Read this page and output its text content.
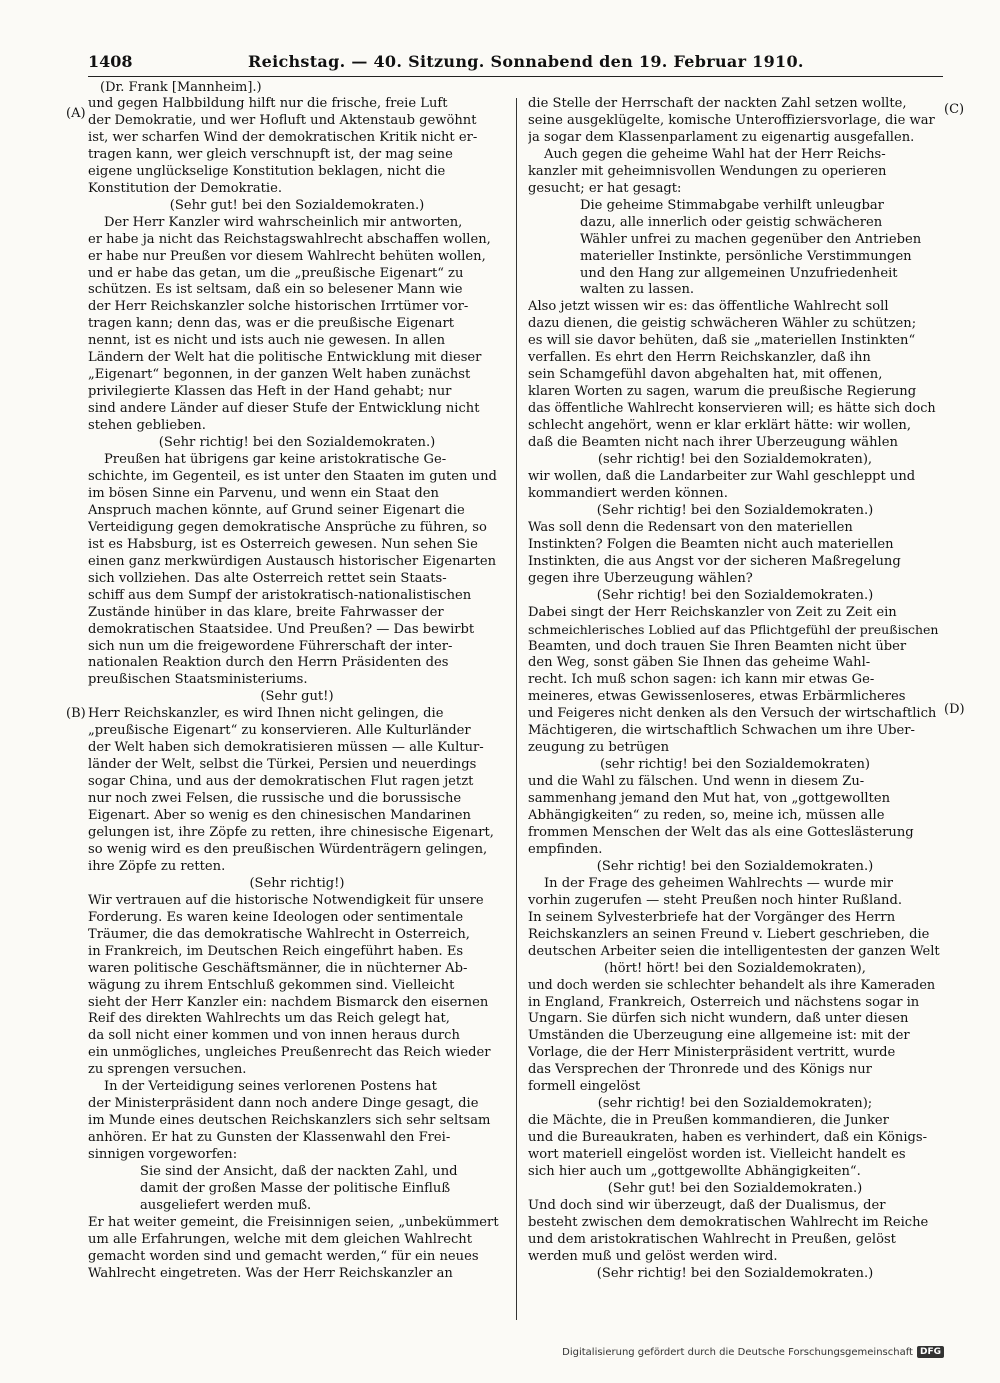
1408	Reichstag. — 40. Sitzung. Sonnabend den 19. Februar 1910.
(Dr. Frank [Mannheim].)
(A)
(B)
(C)
(D)
und gegen Halbbildung hilft nur die frische, freie Luft
der Demokratie, und wer Hofluft und Aktenstaub gewöhnt
ist, wer scharfen Wind der demokratischen Kritik nicht er-
tragen kann, wer gleich verschnupft ist, der mag seine
eigene unglückselige Konstitution beklagen, nicht die
Konstitution der Demokratie.
(Sehr gut! bei den Sozialdemokraten.)
Der Herr Kanzler wird wahrscheinlich mir antworten,
er habe ja nicht das Reichstagswahlrecht abschaffen wollen,
er habe nur Preußen vor diesem Wahlrecht behüten wollen,
und er habe das getan, um die „preußische Eigenart“ zu
schützen. Es ist seltsam, daß ein so belesener Mann wie
der Herr Reichskanzler solche historischen Irrtümer vor-
tragen kann; denn das, was er die preußische Eigenart
nennt, ist es nicht und ists auch nie gewesen. In allen
Ländern der Welt hat die politische Entwicklung mit dieser
„Eigenart“ begonnen, in der ganzen Welt haben zunächst
privilegierte Klassen das Heft in der Hand gehabt; nur
sind andere Länder auf dieser Stufe der Entwicklung nicht
stehen geblieben.
(Sehr richtig! bei den Sozialdemokraten.)
Preußen hat übrigens gar keine aristokratische Ge-
schichte, im Gegenteil, es ist unter den Staaten im guten und
im bösen Sinne ein Parvenu, und wenn ein Staat den
Anspruch machen könnte, auf Grund seiner Eigenart die
Verteidigung gegen demokratische Ansprüche zu führen, so
ist es Habsburg, ist es Österreich gewesen. Nun sehen Sie
einen ganz merkwürdigen Austausch historischer Eigenarten
sich vollziehen. Das alte Österreich rettet sein Staats-
schiff aus dem Sumpf der aristokratisch-nationalistischen
Zustände hinüber in das klare, breite Fahrwasser der
demokratischen Staatsidee. Und Preußen? — Das bewirbt
sich nun um die freigewordene Führerschaft der inter-
nationalen Reaktion durch den Herrn Präsidenten des
preußischen Staatsministeriums.
(Sehr gut!)
Herr Reichskanzler, es wird Ihnen nicht gelingen, die
„preußische Eigenart“ zu konservieren. Alle Kulturländer
der Welt haben sich demokratisieren müssen — alle Kultur-
länder der Welt, selbst die Türkei, Persien und neuerdings
sogar China, und aus der demokratischen Flut ragen jetzt
nur noch zwei Felsen, die russische und die borussische
Eigenart. Aber so wenig es den chinesischen Mandarinen
gelungen ist, ihre Zöpfe zu retten, ihre chinesische Eigenart,
so wenig wird es den preußischen Würdenträgern gelingen,
ihre Zöpfe zu retten.
(Sehr richtig!)
Wir vertrauen auf die historische Notwendigkeit für unsere
Forderung. Es waren keine Ideologen oder sentimentale
Träumer, die das demokratische Wahlrecht in Österreich,
in Frankreich, im Deutschen Reich eingeführt haben. Es
waren politische Geschäftsmänner, die in nüchterner Ab-
wägung zu ihrem Entschluß gekommen sind. Vielleicht
sieht der Herr Kanzler ein: nachdem Bismarck den eisernen
Reif des direkten Wahlrechts um das Reich gelegt hat,
da soll nicht einer kommen und von innen heraus durch
ein unmögliches, ungleiches Preußenrecht das Reich wieder
zu sprengen versuchen.
In der Verteidigung seines verlorenen Postens hat
der Ministerpräsident dann noch andere Dinge gesagt, die
im Munde eines deutschen Reichskanzlers sich sehr seltsam
anhören. Er hat zu Gunsten der Klassenwahl den Frei-
sinnigen vorgeworfen:
Sie sind der Ansicht, daß der nackten Zahl, und
damit der großen Masse der politische Einfluß
ausgeliefert werden muß.
Er hat weiter gemeint, die Freisinnigen seien, „unbekümmert
um alle Erfahrungen, welche mit dem gleichen Wahlrecht
gemacht worden sind und gemacht werden,“ für ein neues
Wahlrecht eingetreten. Was der Herr Reichskanzler an
die Stelle der Herrschaft der nackten Zahl setzen wollte,
seine ausgeklügelte, komische Unteroffiziersvorlage, die war
ja sogar dem Klassenparlament zu eigenartig ausgefallen.
Auch gegen die geheime Wahl hat der Herr Reichs-
kanzler mit geheimnisvollen Wendungen zu operieren
gesucht; er hat gesagt:
Die geheime Stimmabgabe verhilft unleugbar
dazu, alle innerlich oder geistig schwächeren
Wähler unfrei zu machen gegenüber den Antrieben
materieller Instinkte, persönliche Verstimmungen
und den Hang zur allgemeinen Unzufriedenheit
walten zu lassen.
Also jetzt wissen wir es: das öffentliche Wahlrecht soll
dazu dienen, die geistig schwächeren Wähler zu schützen;
es will sie davor behüten, daß sie „materiellen Instinkten“
verfallen. Es ehrt den Herrn Reichskanzler, daß ihn
sein Schamgefühl davon abgehalten hat, mit offenen,
klaren Worten zu sagen, warum die preußische Regierung
das öffentliche Wahlrecht konservieren will; es hätte sich doch
schlecht angehört, wenn er klar erklärt hätte: wir wollen,
daß die Beamten nicht nach ihrer Überzeugung wählen
(sehr richtig! bei den Sozialdemokraten),
wir wollen, daß die Landarbeiter zur Wahl geschleppt und
kommandiert werden können.
(Sehr richtig! bei den Sozialdemokraten.)
Was soll denn die Redensart von den materiellen
Instinkten? Folgen die Beamten nicht auch materiellen
Instinkten, die aus Angst vor der sicheren Maßregelung
gegen ihre Überzeugung wählen?
(Sehr richtig! bei den Sozialdemokraten.)
Dabei singt der Herr Reichskanzler von Zeit zu Zeit ein
schmeichlerisches Loblied auf das Pflichtgefühl der preußischen
Beamten, und doch trauen Sie Ihren Beamten nicht über
den Weg, sonst gäben Sie Ihnen das geheime Wahl-
recht. Ich muß schon sagen: ich kann mir etwas Ge-
meineres, etwas Gewissenloseres, etwas Erbärmlicheres
und Feigeres nicht denken als den Versuch der wirtschaftlich
Mächtigeren, die wirtschaftlich Schwachen um ihre Über-
zeugung zu betrügen
(sehr richtig! bei den Sozialdemokraten)
und die Wahl zu fälschen. Und wenn in diesem Zu-
sammenhang jemand den Mut hat, von „gottgewollten
Abhängigkeiten“ zu reden, so, meine ich, müssen alle
frommen Menschen der Welt das als eine Gotteslästerung
empfinden.
(Sehr richtig! bei den Sozialdemokraten.)
In der Frage des geheimen Wahlrechts — wurde mir
vorhin zugerufen — steht Preußen noch hinter Rußland.
In seinem Sylvesterbriefe hat der Vorgänger des Herrn
Reichskanzlers an seinen Freund v. Liebert geschrieben, die
deutschen Arbeiter seien die intelligentesten der ganzen Welt
(hört! hört! bei den Sozialdemokraten),
und doch werden sie schlechter behandelt als ihre Kameraden
in England, Frankreich, Österreich und nächstens sogar in
Ungarn. Sie dürfen sich nicht wundern, daß unter diesen
Umständen die Überzeugung eine allgemeine ist: mit der
Vorlage, die der Herr Ministerpräsident vertritt, wurde
das Versprechen der Thronrede und des Königs nur
formell eingelöst
(sehr richtig! bei den Sozialdemokraten);
die Mächte, die in Preußen kommandieren, die Junker
und die Bureaukraten, haben es verhindert, daß ein Königs-
wort materiell eingelöst worden ist. Vielleicht handelt es
sich hier auch um „gottgewollte Abhängigkeiten“.
(Sehr gut! bei den Sozialdemokraten.)
Und doch sind wir überzeugt, daß der Dualismus, der
besteht zwischen dem demokratischen Wahlrecht im Reiche
und dem aristokratischen Wahlrecht in Preußen, gelöst
werden muß und gelöst werden wird.
(Sehr richtig! bei den Sozialdemokraten.)
Digitalisierung gefördert durch die Deutsche Forschungsgemeinschaft DFG
